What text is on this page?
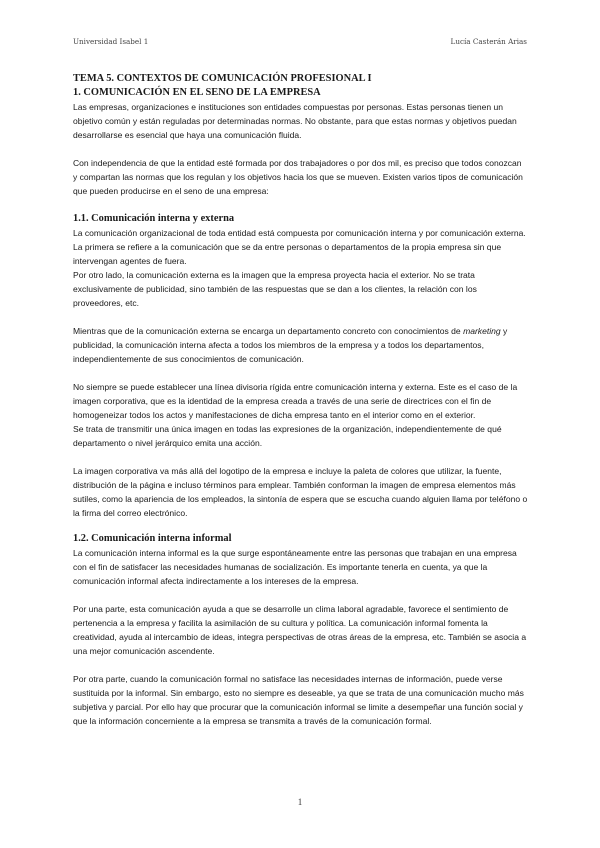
Universidad Isabel 1	Lucía Casterán Arias
TEMA 5. CONTEXTOS DE COMUNICACIÓN PROFESIONAL I
1. COMUNICACIÓN EN EL SENO DE LA EMPRESA

Las empresas, organizaciones e instituciones son entidades compuestas por personas. Estas personas tienen un objetivo común y están reguladas por determinadas normas. No obstante, para que estas normas y objetivos puedan desarrollarse es esencial que haya una comunicación fluida.

Con independencia de que la entidad esté formada por dos trabajadores o por dos mil, es preciso que todos conozcan y compartan las normas que los regulan y los objetivos hacia los que se mueven. Existen varios tipos de comunicación que pueden producirse en el seno de una empresa:

1.1. Comunicación interna y externa

La comunicación organizacional de toda entidad está compuesta por comunicación interna y por comunicación externa. La primera se refiere a la comunicación que se da entre personas o departamentos de la propia empresa sin que intervengan agentes de fuera.

Por otro lado, la comunicación externa es la imagen que la empresa proyecta hacia el exterior. No se trata exclusivamente de publicidad, sino también de las respuestas que se dan a los clientes, la relación con los proveedores, etc.

Mientras que de la comunicación externa se encarga un departamento concreto con conocimientos de marketing y publicidad, la comunicación interna afecta a todos los miembros de la empresa y a todos los departamentos, independientemente de sus conocimientos de comunicación.

No siempre se puede establecer una línea divisoria rígida entre comunicación interna y externa. Este es el caso de la imagen corporativa, que es la identidad de la empresa creada a través de una serie de directrices con el fin de homogeneizar todos los actos y manifestaciones de dicha empresa tanto en el interior como en el exterior.

Se trata de transmitir una única imagen en todas las expresiones de la organización, independientemente de qué departamento o nivel jerárquico emita una acción.

La imagen corporativa va más allá del logotipo de la empresa e incluye la paleta de colores que utilizar, la fuente, distribución de la página e incluso términos para emplear. También conforman la imagen de empresa elementos más sutiles, como la apariencia de los empleados, la sintonía de espera que se escucha cuando alguien llama por teléfono o la firma del correo electrónico.

1.2. Comunicación interna informal

La comunicación interna informal es la que surge espontáneamente entre las personas que trabajan en una empresa con el fin de satisfacer las necesidades humanas de socialización. Es importante tenerla en cuenta, ya que la comunicación informal afecta indirectamente a los intereses de la empresa.

Por una parte, esta comunicación ayuda a que se desarrolle un clima laboral agradable, favorece el sentimiento de pertenencia a la empresa y facilita la asimilación de su cultura y política. La comunicación informal fomenta la creatividad, ayuda al intercambio de ideas, integra perspectivas de otras áreas de la empresa, etc. También se asocia a una mejor comunicación ascendente.

Por otra parte, cuando la comunicación formal no satisface las necesidades internas de información, puede verse sustituida por la informal. Sin embargo, esto no siempre es deseable, ya que se trata de una comunicación mucho más subjetiva y parcial. Por ello hay que procurar que la comunicación informal se limite a desempeñar una función social y que la información concerniente a la empresa se transmita a través de la comunicación formal.

1
